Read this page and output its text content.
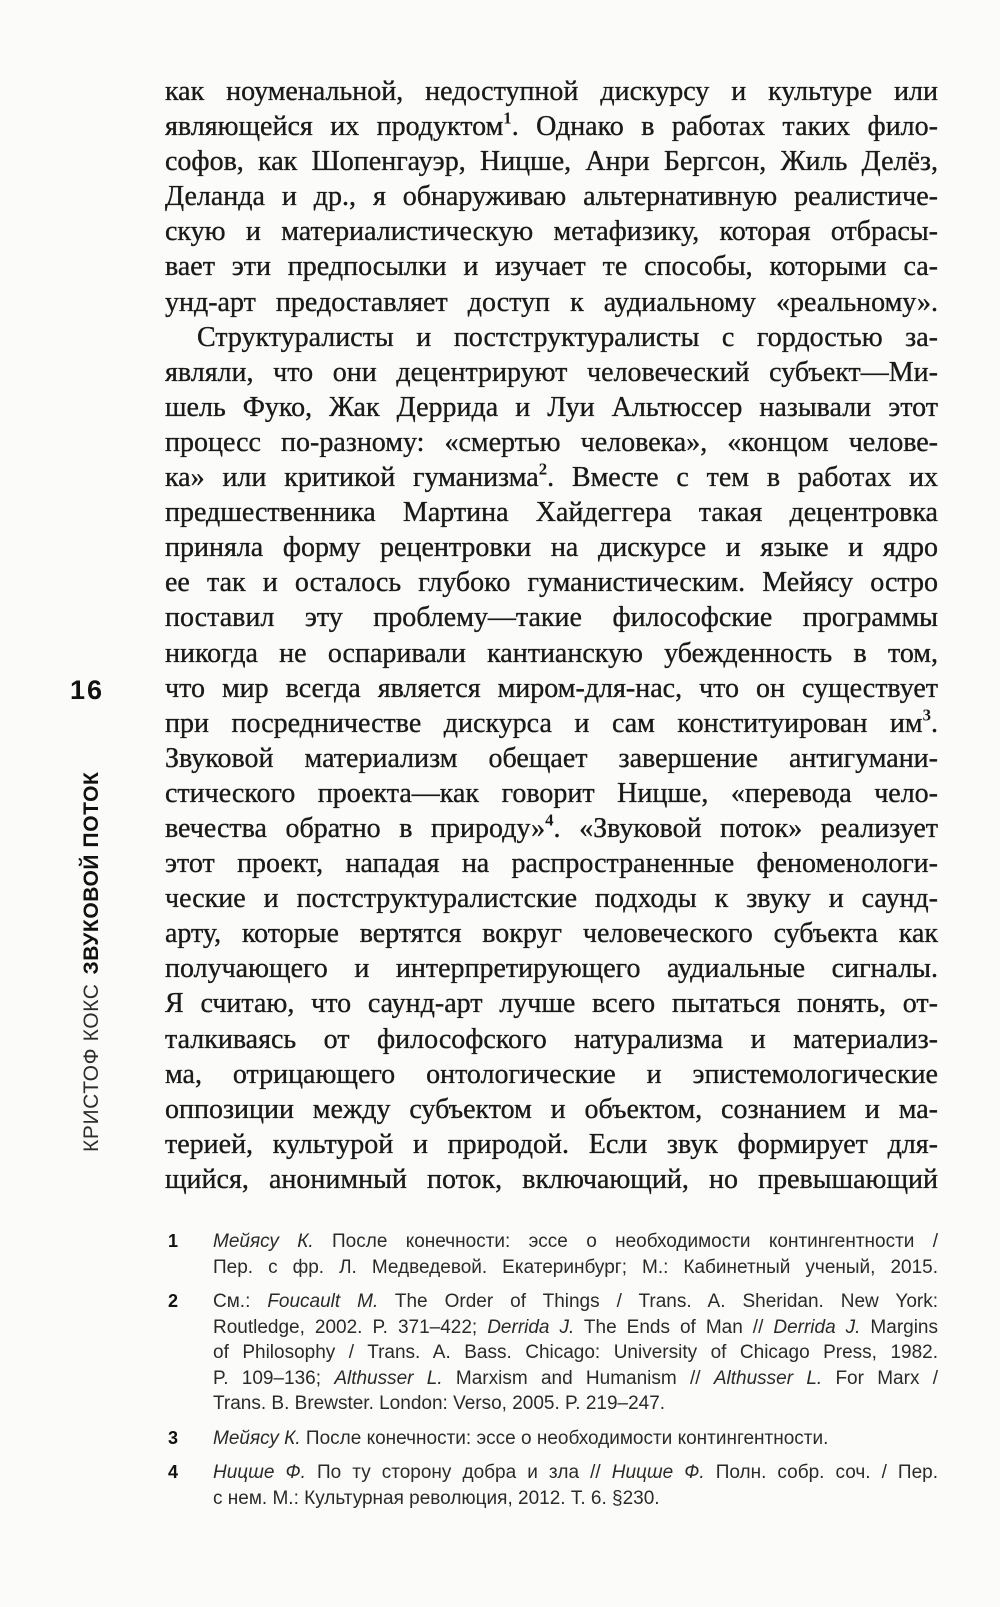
16
КРИСТОФ КОКСЗВУКОВОЙ ПОТОК
как ноуменальной, недоступной дискурсу и культуре или
являющейся их продуктом$^1$. Однако в работах таких фило-
софов, как Шопенгауэр, Ницше, Анри Бергсон, Жиль Делёз,
Деланда и др., я обнаруживаю альтернативную реалистиче-
скую и материалистическую метафизику, которая отбрасы-
вает эти предпосылки и изучает те способы, которыми са-
унд-арт предоставляет доступ к аудиальному «реальному».
Структуралисты и постструктуралисты с гордостью за-
являли, что они децентрируют человеческий субъект—Ми-
шель Фуко, Жак Деррида и Луи Альтюссер называли этот
процесс по-разному: «смертью человека», «концом челове-
ка» или критикой гуманизма$^2$. Вместе с тем в работах их
предшественника Мартина Хайдеггера такая децентровка
приняла форму рецентровки на дискурсе и языке и ядро
ее так и осталось глубоко гуманистическим. Мейясу остро
поставил эту проблему—такие философские программы
никогда не оспаривали кантианскую убежденность в том,
что мир всегда является миром-для-нас, что он существует
при посредничестве дискурса и сам конституирован им$^3$.
Звуковой материализм обещает завершение антигумани-
стического проекта—как говорит Ницше, «перевода чело-
вечества обратно в природу»$^4$. «Звуковой поток» реализует
этот проект, нападая на распространенные феноменологи-
ческие и постструктуралистские подходы к звуку и саунд-
арту, которые вертятся вокруг человеческого субъекта как
получающего и интерпретирующего аудиальные сигналы.
Я считаю, что саунд-арт лучше всего пытаться понять, от-
талкиваясь от философского натурализма и материализ-
ма, отрицающего онтологические и эпистемологические
оппозиции между субъектом и объектом, сознанием и ма-
терией, культурой и природой. Если звук формирует для-
щийся, анонимный поток, включающий, но превышающий
1	Мейясу К. После конечности: эссе о необходимости контингентности /
Пер. с фр. Л. Медведевой. Екатеринбург; М.: Кабинетный ученый, 2015.
2	См.: Foucault M. The Order of Things / Trans. A. Sheridan. New York:
Routledge, 2002. P. 371–422; Derrida J. The Ends of Man // Derrida J. Margins
of Philosophy / Trans. A. Bass. Chicago: University of Chicago Press, 1982.
P. 109–136; Althusser L. Marxism and Humanism // Althusser L. For Marx /
Trans. B. Brewster. London: Verso, 2005. P. 219–247.
3	Мейясу К. После конечности: эссе о необходимости контингентности.
4	Ницше Ф. По ту сторону добра и зла // Ницше Ф. Полн. собр. соч. / Пер.
с нем. М.: Культурная революция, 2012. Т. 6. §230.
